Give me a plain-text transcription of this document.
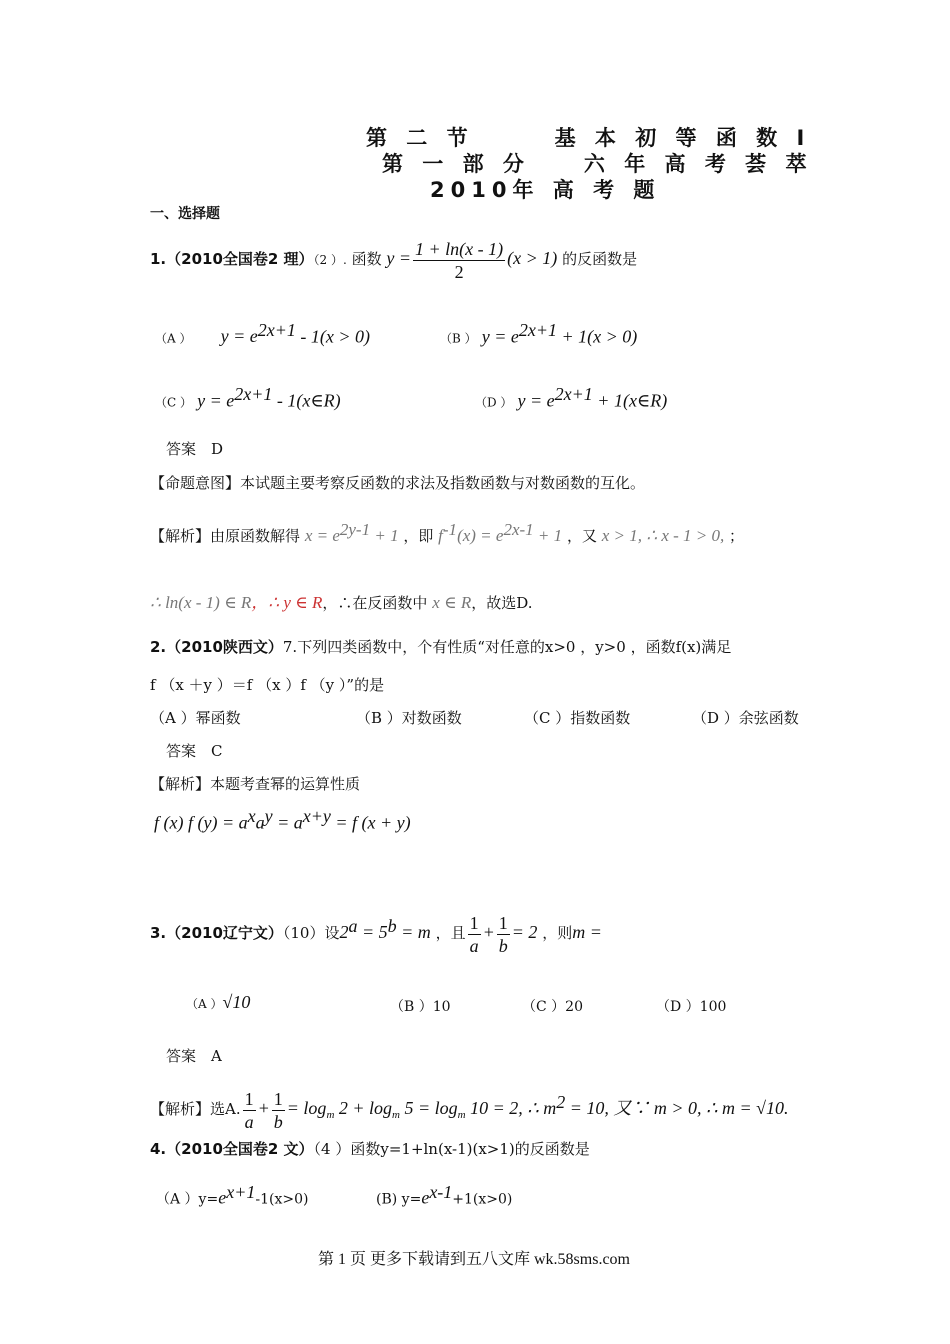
第 二 节　　　基 本 初 等 函 数 I
第 一 部 分　　六 年 高 考 荟 萃
2010年 高 考 题
一、选择题
1.（2010全国卷2 理）（2 ）. 函数 $y = \frac{1 + \ln(x - 1)}{2} (x > 1)$ 的反函数是
（A ） $y = e^{2x+1} - 1(x > 0)$	（B ） $y = e^{2x+1} + 1(x > 0)$
（C ） $y = e^{2x+1}$ - 1(x∈R)	（D ） $y = e^{2x+1}$ + 1(x∈R)
答案　D
【命题意图】本试题主要考察反函数的求法及指数函数与对数函数的互化。
【解析】由原函数解得 $x = e^{2y-1} + 1$ ，即 $f^{-1}(x) = e^{2x-1} + 1$ ，又 x > 1, ∴ x - 1 > 0, ；
∴ ln(x - 1) ∈ R，∴ y ∈ R，∴在反函数中 x ∈ R，故选D.
2.（2010陕西文）7.下列四类函数中，个有性质“对任意的x>0 ，y>0 ，函数f(x)满足
f （x ＋y ）＝f （x ）f （y ）”的是
（A ）幂函数	（B ）对数函数	（C ）指数函数	（D ）余弦函数
答案　C
【解析】本题考查幂的运算性质
f (x) f $(y) = a^xa^y = a^{x+y} = f$ (x + y)
3.（2010辽宁文）（10）设$2^a = 5^b = m$ ，且 $\frac{1}{a} + \frac{1}{b} = 2$ ，则m =
（A ）√10	（B ）10	（C ）20	（D ）100
答案　A
【解析】选A. $\frac{1}{a} + \frac{1}{b} = \log_m 2 + \log_m 5 = \log_m 10 = 2$, ∴ $m^2 = 10$, 又∵ m > 0, ∴ m = √10.
4.（2010全国卷2 文）（4 ）函数y=1+ln(x-1)(x>1)的反函数是
（A ）$y=e^{x+1}-1(x>0)$	(B) $y=e^{x-1}+1(x>0)$
第 1 页 更多下载请到五八文库 wk.58sms.com
